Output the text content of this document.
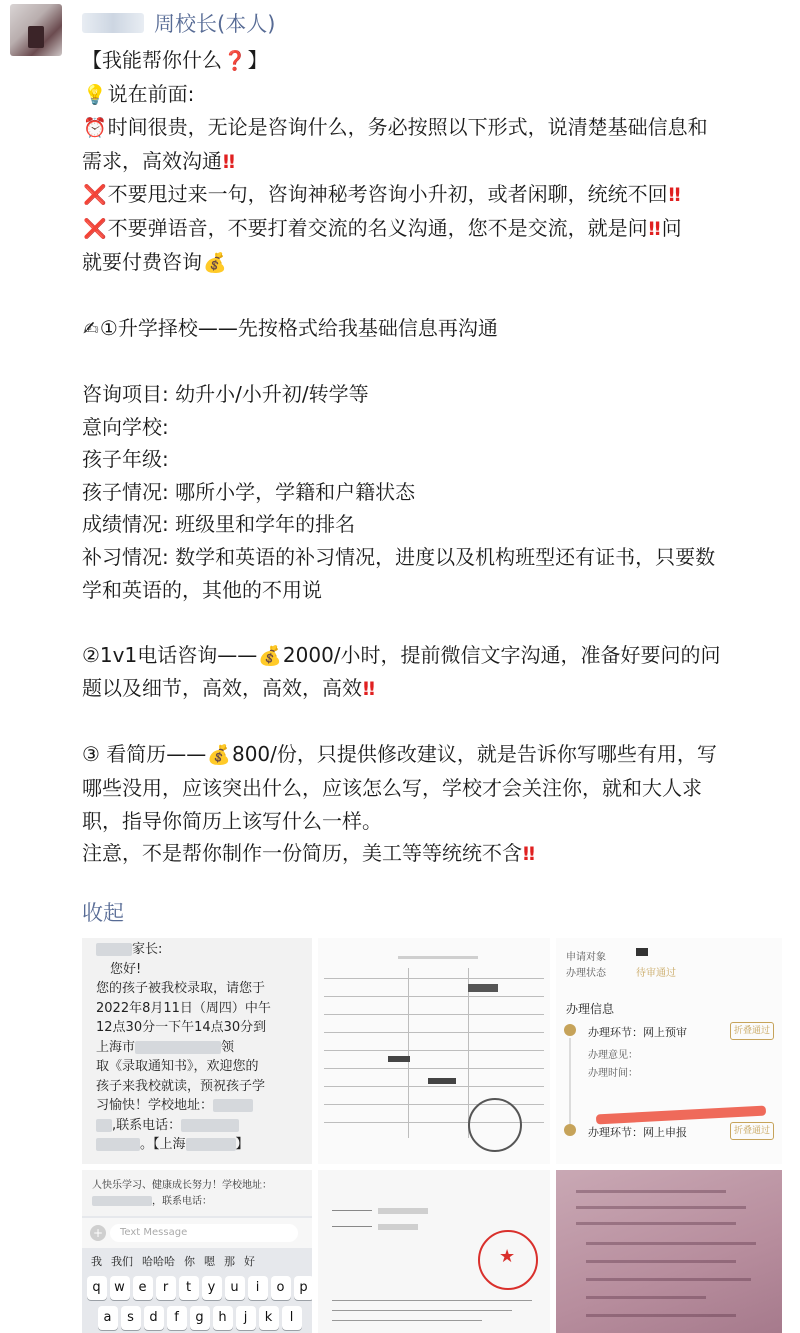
周校长(本人)
【我能帮你什么❓】
💡说在前面:
⏰时间很贵，无论是咨询什么，务必按照以下形式，说清楚基础信息和
需求，高效沟通‼
❌不要甩过来一句，咨询神秘考咨询小升初，或者闲聊，统统不回‼
❌不要弹语音，不要打着交流的名义沟通，您不是交流，就是问‼问
就要付费咨询💰
✍①升学择校——先按格式给我基础信息再沟通
咨询项目: 幼升小/小升初/转学等
意向学校:
孩子年级:
孩子情况: 哪所小学，学籍和户籍状态
成绩情况: 班级里和学年的排名
补习情况: 数学和英语的补习情况，进度以及机构班型还有证书，只要数
学和英语的，其他的不用说
②1v1电话咨询——💰2000/小时，提前微信文字沟通，准备好要问的问
题以及细节，高效，高效，高效‼
③ 看简历——💰800/份，只提供修改建议，就是告诉你写哪些有用，写
哪些没用，应该突出什么，应该怎么写，学校才会关注你，就和大人求
职，指导你简历上该写什么一样。
注意，不是帮你制作一份简历，美工等等统统不含‼
收起
家长:
您好!
您的孩子被我校录取，请您于
2022年8月11日（周四）中午
12点30分一下午14点30分到
上海市	领
取《录取通知书》，欢迎您的
孩子来我校就读，预祝孩子学
习愉快！学校地址：
,联系电话：
。【上海	】
申请对象
办理状态	待审通过
办理信息
办理环节：网上预审	折叠通过
办理意见：
办理时间：
办理环节：网上申报	折叠通过
人快乐学习、健康成长努力！学校地址：
，联系电话：
+	Text Message
我 我们 哈哈哈 你 嗯 那 好
q	w	e	r	t	y	u	i	o	p
a	s	d	f	g	h	j	k	l
★
